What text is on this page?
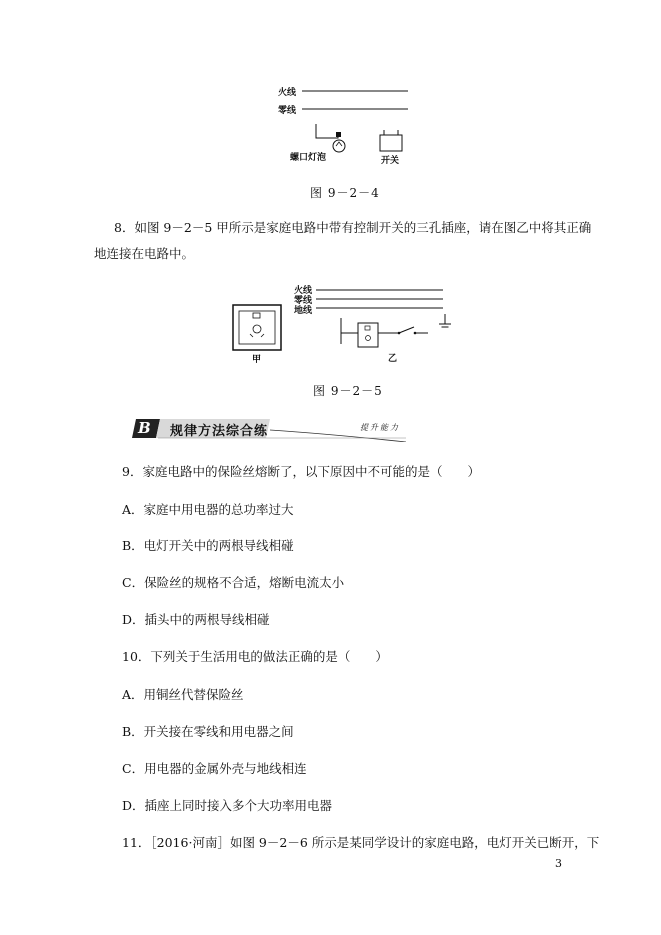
火线
零线
螺口灯泡	开关
图 9－2－4
8．如图 9－2－5 甲所示是家庭电路中带有控制开关的三孔插座，请在图乙中将其正确
地连接在电路中。
火线
零线
地线
甲	乙
图 9－2－5
B 规律方法综合练	提升能力
9．家庭电路中的保险丝熔断了，以下原因中不可能的是（　　）
A．家庭中用电器的总功率过大
B．电灯开关中的两根导线相碰
C．保险丝的规格不合适，熔断电流太小
D．插头中的两根导线相碰
10．下列关于生活用电的做法正确的是（　　）
A．用铜丝代替保险丝
B．开关接在零线和用电器之间
C．用电器的金属外壳与地线相连
D．插座上同时接入多个大功率用电器
11．［2016·河南］如图 9－2－6 所示是某同学设计的家庭电路，电灯开关已断开，下
3
